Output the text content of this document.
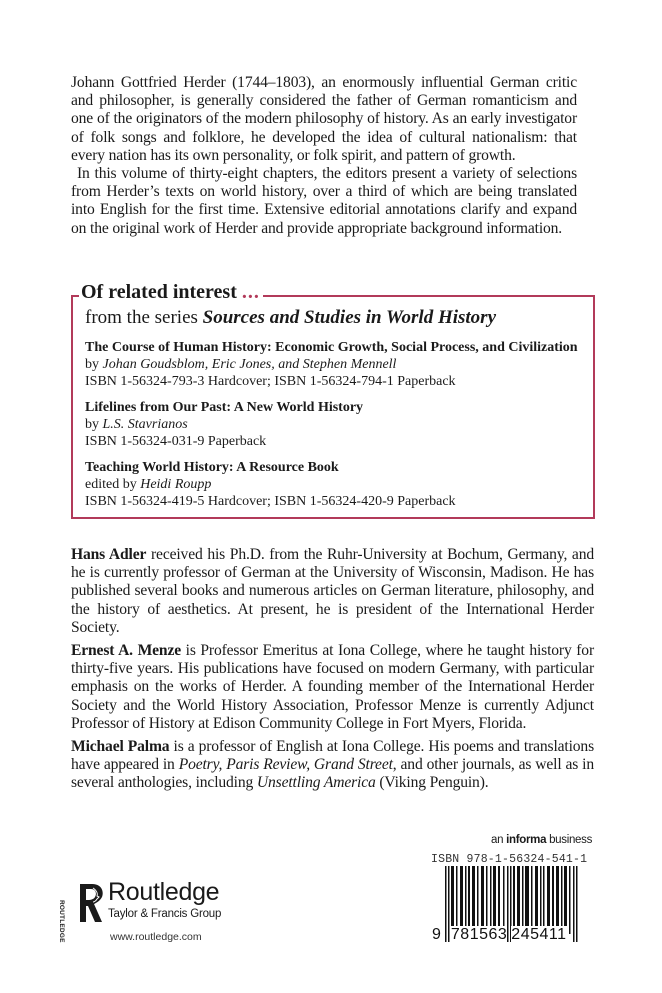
Johann Gottfried Herder (1744–1803), an enormously influential German critic and philosopher, is generally considered the father of German romanticism and one of the originators of the modern philosophy of history. As an early investigator of folk songs and folklore, he developed the idea of cultural nationalism: that every nation has its own personality, or folk spirit, and pattern of growth.

In this volume of thirty-eight chapters, the editors present a variety of selections from Herder’s texts on world history, over a third of which are being translated into English for the first time. Extensive editorial annotations clarify and expand on the original work of Herder and provide appropriate background information.

Of related interest ...
from the series Sources and Studies in World History
The Course of Human History: Economic Growth, Social Process, and Civilization
by Johan Goudsblom, Eric Jones, and Stephen Mennell
ISBN 1-56324-793-3 Hardcover; ISBN 1-56324-794-1 Paperback
Lifelines from Our Past: A New World History
by L.S. Stavrianos
ISBN 1-56324-031-9 Paperback
Teaching World History: A Resource Book
edited by Heidi Roupp
ISBN 1-56324-419-5 Hardcover; ISBN 1-56324-420-9 Paperback

Hans Adler received his Ph.D. from the Ruhr-University at Bochum, Germany, and he is currently professor of German at the University of Wisconsin, Madison. He has published several books and numerous articles on German literature, philosophy, and the history of aesthetics. At present, he is president of the International Herder Society.

Ernest A. Menze is Professor Emeritus at Iona College, where he taught history for thirty-five years. His publications have focused on modern Germany, with particular emphasis on the works of Herder. A founding member of the International Herder Society and the World History Association, Professor Menze is currently Adjunct Professor of History at Edison Community College in Fort Myers, Florida.

Michael Palma is a professor of English at Iona College. His poems and translations have appeared in Poetry, Paris Review, Grand Street, and other journals, as well as in several anthologies, including Unsettling America (Viking Penguin).

ROUTLEDGE
Routledge
Taylor & Francis Group
www.routledge.com
an informa business
ISBN 978-1-56324-541-1
9 781563 245411
